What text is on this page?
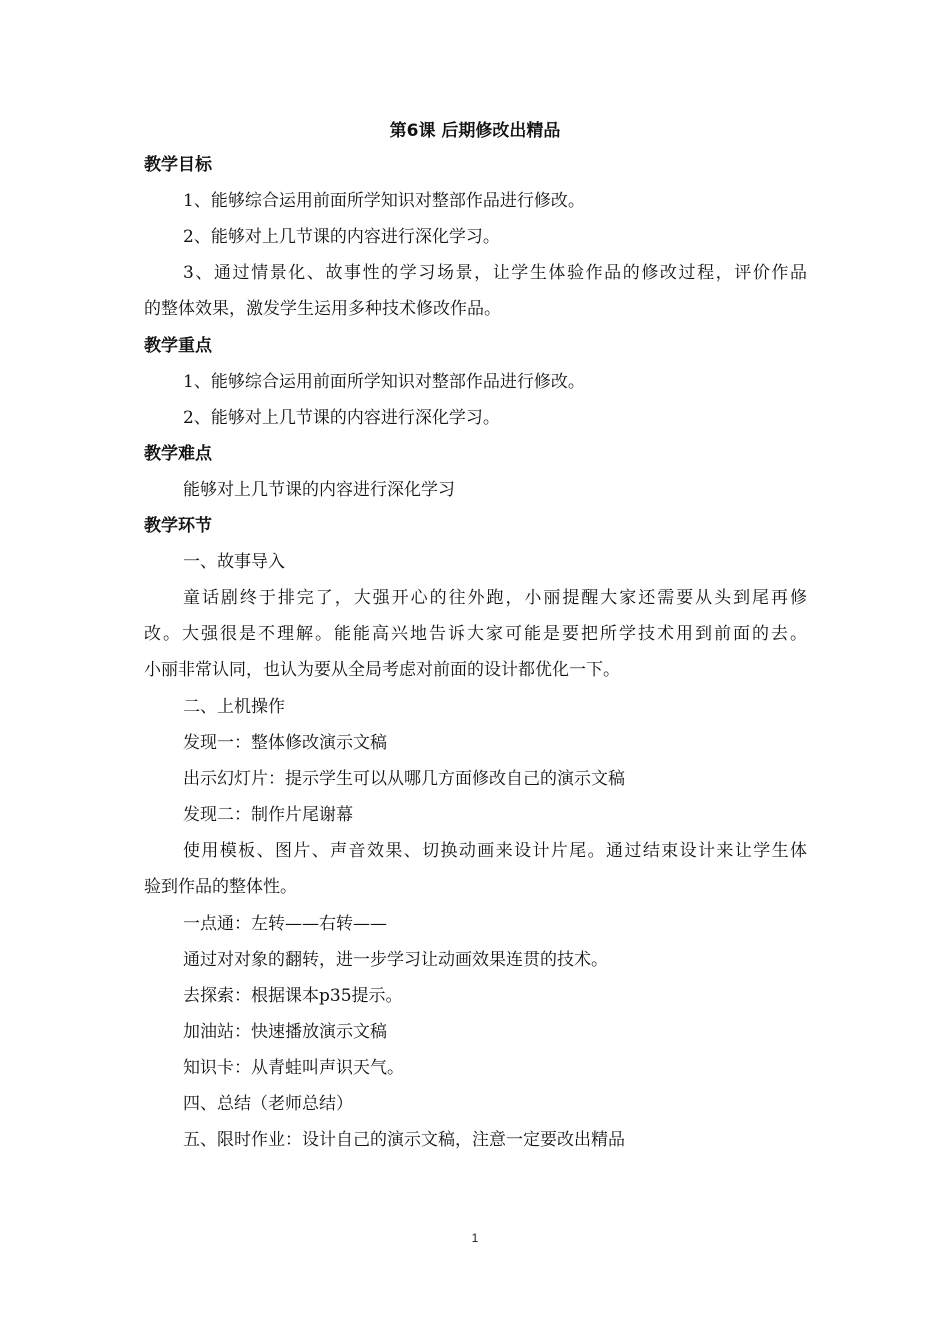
第6课 后期修改出精品
教学目标
1、能够综合运用前面所学知识对整部作品进行修改。
2、能够对上几节课的内容进行深化学习。
3、通过情景化、故事性的学习场景，让学生体验作品的修改过程，评价作品
的整体效果，激发学生运用多种技术修改作品。
教学重点
1、能够综合运用前面所学知识对整部作品进行修改。
2、能够对上几节课的内容进行深化学习。
教学难点
能够对上几节课的内容进行深化学习
教学环节
一、故事导入
童话剧终于排完了，大强开心的往外跑，小丽提醒大家还需要从头到尾再修
改。大强很是不理解。能能高兴地告诉大家可能是要把所学技术用到前面的去。
小丽非常认同，也认为要从全局考虑对前面的设计都优化一下。
二、上机操作
发现一：整体修改演示文稿
出示幻灯片：提示学生可以从哪几方面修改自己的演示文稿
发现二：制作片尾谢幕
使用模板、图片、声音效果、切换动画来设计片尾。通过结束设计来让学生体
验到作品的整体性。
一点通：左转——右转——
通过对对象的翻转，进一步学习让动画效果连贯的技术。
去探索：根据课本p35提示。
加油站：快速播放演示文稿
知识卡：从青蛙叫声识天气。
四、总结（老师总结）
五、限时作业：设计自己的演示文稿，注意一定要改出精品
1
